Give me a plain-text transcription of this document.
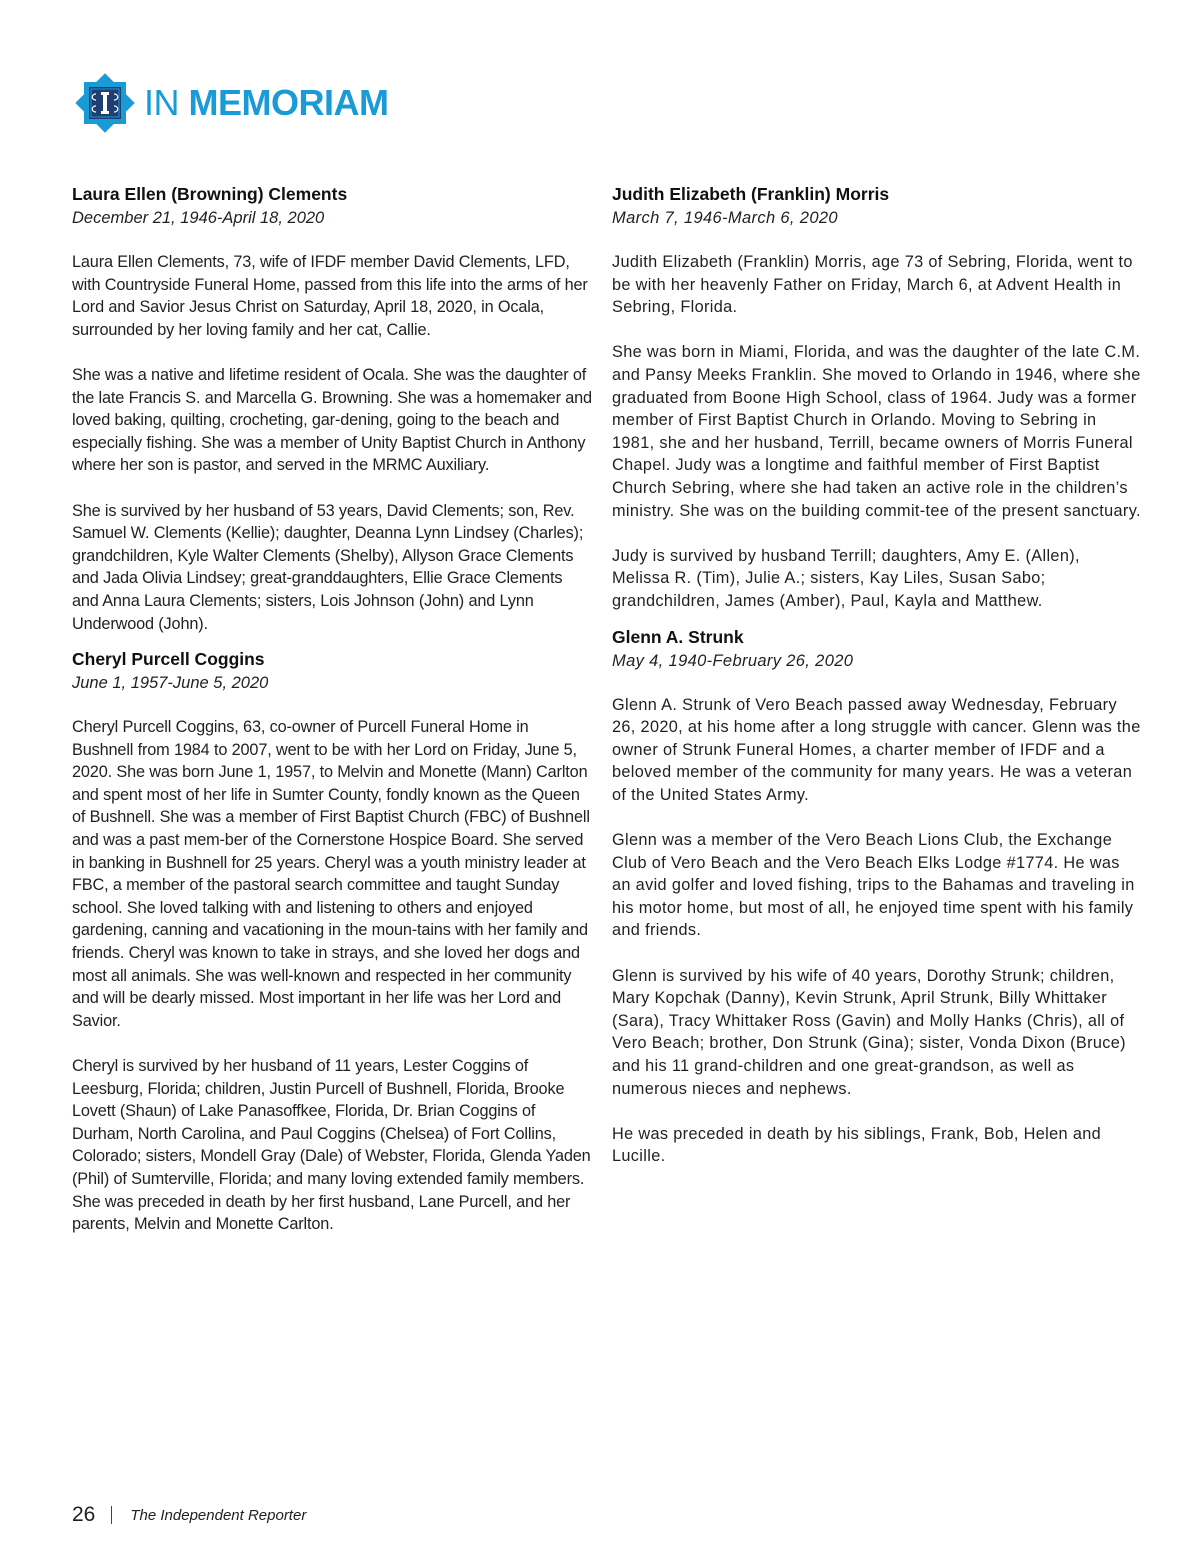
IN MEMORIAM

Laura Ellen (Browning) Clements

December 21, 1946-April 18, 2020

Laura Ellen Clements, 73, wife of IFDF member David Clements, LFD, with Countryside Funeral Home, passed from this life into the arms of her Lord and Savior Jesus Christ on Saturday, April 18, 2020, in Ocala, surrounded by her loving family and her cat, Callie.

She was a native and lifetime resident of Ocala. She was the daughter of the late Francis S. and Marcella G. Browning. She was a homemaker and loved baking, quilting, crocheting, gar-dening, going to the beach and especially fishing. She was a member of Unity Baptist Church in Anthony where her son is pastor, and served in the MRMC Auxiliary.

She is survived by her husband of 53 years, David Clements; son, Rev. Samuel W. Clements (Kellie); daughter, Deanna Lynn Lindsey (Charles); grandchildren, Kyle Walter Clements (Shelby), Allyson Grace Clements and Jada Olivia Lindsey; great-granddaughters, Ellie Grace Clements and Anna Laura Clements; sisters, Lois Johnson (John) and Lynn Underwood (John).

Cheryl Purcell Coggins

June 1, 1957-June 5, 2020

Cheryl Purcell Coggins, 63, co-owner of Purcell Funeral Home in Bushnell from 1984 to 2007, went to be with her Lord on Friday, June 5, 2020. She was born June 1, 1957, to Melvin and Monette (Mann) Carlton and spent most of her life in Sumter County, fondly known as the Queen of Bushnell. She was a member of First Baptist Church (FBC) of Bushnell and was a past mem-ber of the Cornerstone Hospice Board. She served in banking in Bushnell for 25 years. Cheryl was a youth ministry leader at FBC, a member of the pastoral search committee and taught Sunday school. She loved talking with and listening to others and enjoyed gardening, canning and vacationing in the moun-tains with her family and friends. Cheryl was known to take in strays, and she loved her dogs and most all animals. She was well-known and respected in her community and will be dearly missed. Most important in her life was her Lord and Savior.

Cheryl is survived by her husband of 11 years, Lester Coggins of Leesburg, Florida; children, Justin Purcell of Bushnell, Florida, Brooke Lovett (Shaun) of Lake Panasoffkee, Florida, Dr. Brian Coggins of Durham, North Carolina, and Paul Coggins (Chelsea) of Fort Collins, Colorado; sisters, Mondell Gray (Dale) of Webster, Florida, Glenda Yaden (Phil) of Sumterville, Florida; and many loving extended family members. She was preceded in death by her first husband, Lane Purcell, and her parents, Melvin and Monette Carlton.

Judith Elizabeth (Franklin) Morris

March 7, 1946-March 6, 2020

Judith Elizabeth (Franklin) Morris, age 73 of Sebring, Florida, went to be with her heavenly Father on Friday, March 6, at Advent Health in Sebring, Florida.

She was born in Miami, Florida, and was the daughter of the late C.M. and Pansy Meeks Franklin. She moved to Orlando in 1946, where she graduated from Boone High School, class of 1964. Judy was a former member of First Baptist Church in Orlando. Moving to Sebring in 1981, she and her husband, Terrill, became owners of Morris Funeral Chapel. Judy was a longtime and faithful member of First Baptist Church Sebring, where she had taken an active role in the children’s ministry. She was on the building commit-tee of the present sanctuary.

Judy is survived by husband Terrill; daughters, Amy E. (Allen), Melissa R. (Tim), Julie A.; sisters, Kay Liles, Susan Sabo; grandchildren, James (Amber), Paul, Kayla and Matthew.

Glenn A. Strunk

May 4, 1940-February 26, 2020

Glenn A. Strunk of Vero Beach passed away Wednesday, February 26, 2020, at his home after a long struggle with cancer. Glenn was the owner of Strunk Funeral Homes, a charter member of IFDF and a beloved member of the community for many years. He was a veteran of the United States Army.

Glenn was a member of the Vero Beach Lions Club, the Exchange Club of Vero Beach and the Vero Beach Elks Lodge #1774. He was an avid golfer and loved fishing, trips to the Bahamas and traveling in his motor home, but most of all, he enjoyed time spent with his family and friends.

Glenn is survived by his wife of 40 years, Dorothy Strunk; children, Mary Kopchak (Danny), Kevin Strunk, April Strunk, Billy Whittaker (Sara), Tracy Whittaker Ross (Gavin) and Molly Hanks (Chris), all of Vero Beach; brother, Don Strunk (Gina); sister, Vonda Dixon (Bruce) and his 11 grand-children and one great-grandson, as well as numerous nieces and nephews.

He was preceded in death by his siblings, Frank, Bob, Helen and Lucille.

26 The Independent Reporter
